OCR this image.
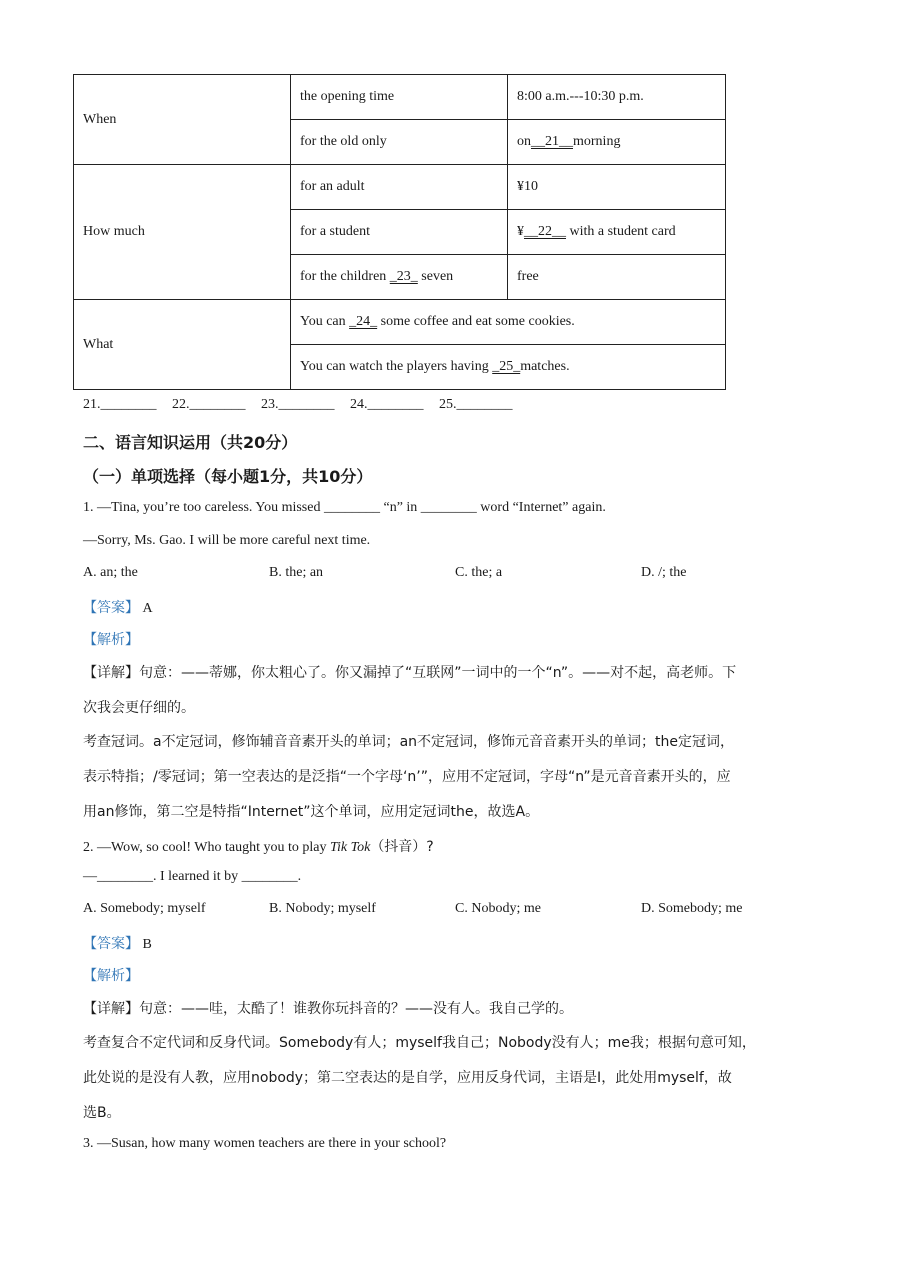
When	the opening time	8:00 a.m.---10:30 p.m.
	for the old only	on__21__morning
How much	for an adult	¥10
	for a student	¥__22__ with a student card
	for the children _23_ seven	free
What	You can _24_ some coffee and eat some cookies.	
	You can watch the players having _25_matches.	
21.________ 22.________ 23.________ 24.________ 25.________
二、语言知识运用（共20分）
（一）单项选择（每小题1分，共10分）
1. —Tina, you’re too careless. You missed ________ “n” in ________ word “Internet” again.
—Sorry, Ms. Gao. I will be more careful next time.
A. an; the	B. the; an	C. the; a	D. /; the
【答案】 A
【解析】
【详解】句意：——蒂娜，你太粗心了。你又漏掉了“互联网”一词中的一个“n”。——对不起，高老师。下
次我会更仔细的。
考查冠词。a不定冠词，修饰辅音音素开头的单词；an不定冠词，修饰元音音素开头的单词；the定冠词，
表示特指；/零冠词；第一空表达的是泛指“一个字母‘n’”，应用不定冠词，字母“n”是元音音素开头的，应
用an修饰，第二空是特指“Internet”这个单词，应用定冠词the，故选A。
2. —Wow, so cool! Who taught you to play Tik Tok（抖音）?
—________. I learned it by ________.
A. Somebody; myself	B. Nobody; myself	C. Nobody; me	D. Somebody; me
【答案】 B
【解析】
【详解】句意：——哇，太酷了！谁教你玩抖音的？——没有人。我自己学的。
考查复合不定代词和反身代词。Somebody有人；myself我自己；Nobody没有人；me我；根据句意可知，
此处说的是没有人教，应用nobody；第二空表达的是自学，应用反身代词，主语是I，此处用myself，故
选B。
3. —Susan, how many women teachers are there in your school?
